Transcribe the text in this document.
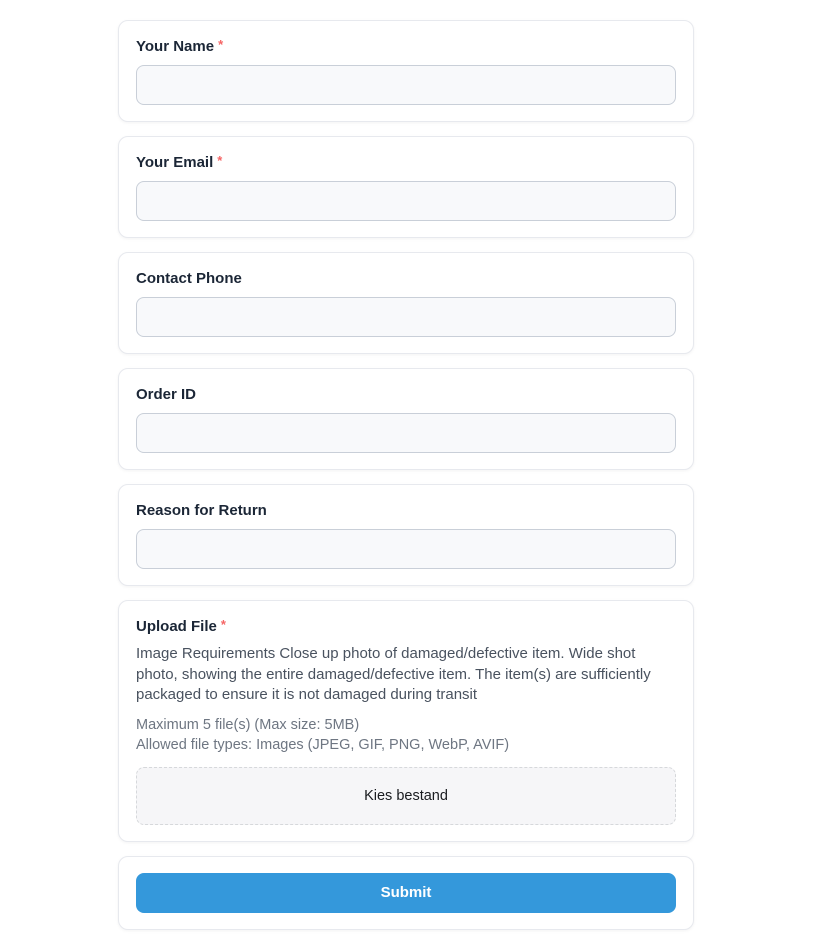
Your Name *
Your Email *
Contact Phone
Order ID
Reason for Return
Upload File *

Image Requirements Close up photo of damaged/defective item. Wide shot photo, showing the entire damaged/defective item. The item(s) are sufficiently packaged to ensure it is not damaged during transit

Maximum 5 file(s) (Max size: 5MB)

Allowed file types: Images (JPEG, GIF, PNG, WebP, AVIF)

Kies bestand
Submit
